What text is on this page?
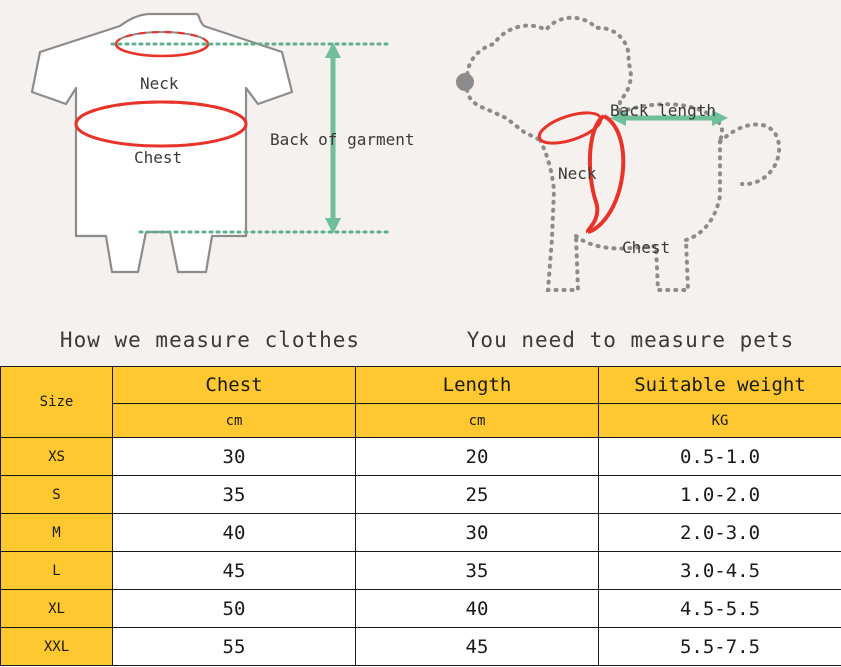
Neck
Chest
Back of garment
How we measure clothes
Back length
Neck
Chest
You need to measure pets
Size	Chest	Length	Suitable weight
	cm	cm	KG
XS	30	20	0.5-1.0
S	35	25	1.0-2.0
M	40	30	2.0-3.0
L	45	35	3.0-4.5
XL	50	40	4.5-5.5
XXL	55	45	5.5-7.5
